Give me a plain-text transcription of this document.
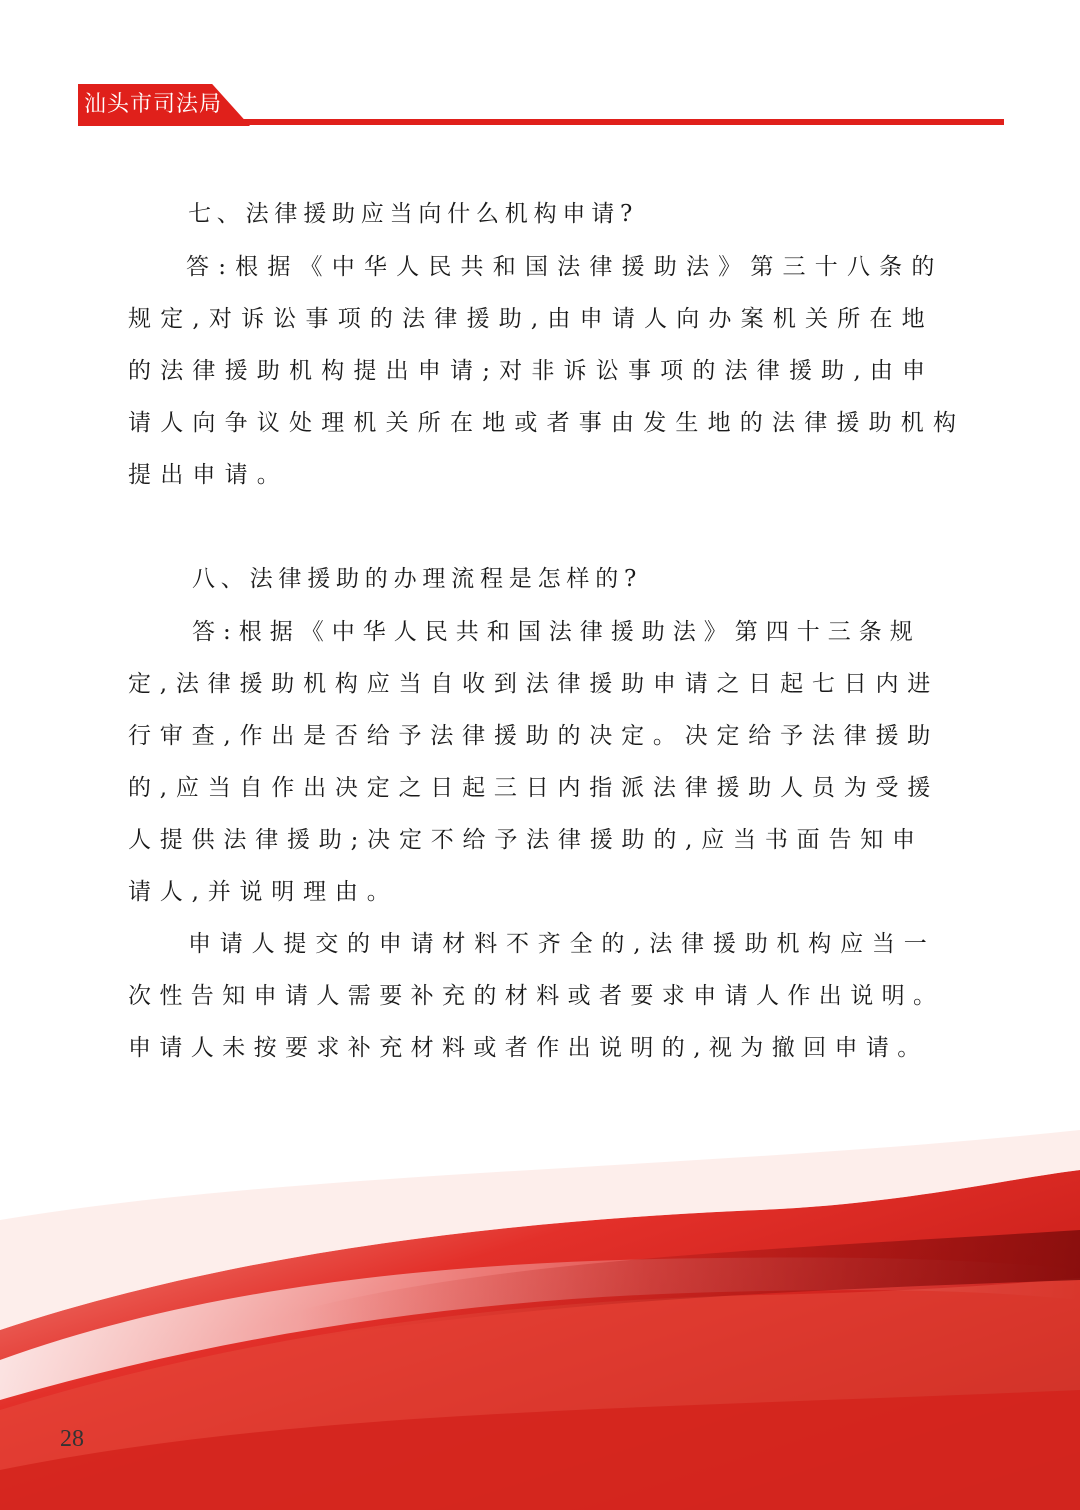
汕头市司法局
七、法律援助应当向什么机构申请?
答:根据《中华人民共和国法律援助法》第三十八条的
规定,对诉讼事项的法律援助,由申请人向办案机关所在地
的法律援助机构提出申请;对非诉讼事项的法律援助,由申
请人向争议处理机关所在地或者事由发生地的法律援助机构
提出申请。
八、法律援助的办理流程是怎样的?
答:根据《中华人民共和国法律援助法》第四十三条规
定,法律援助机构应当自收到法律援助申请之日起七日内进
行审查,作出是否给予法律援助的决定。决定给予法律援助
的,应当自作出决定之日起三日内指派法律援助人员为受援
人提供法律援助;决定不给予法律援助的,应当书面告知申
请人,并说明理由。
申请人提交的申请材料不齐全的,法律援助机构应当一
次性告知申请人需要补充的材料或者要求申请人作出说明。
申请人未按要求补充材料或者作出说明的,视为撤回申请。
28
